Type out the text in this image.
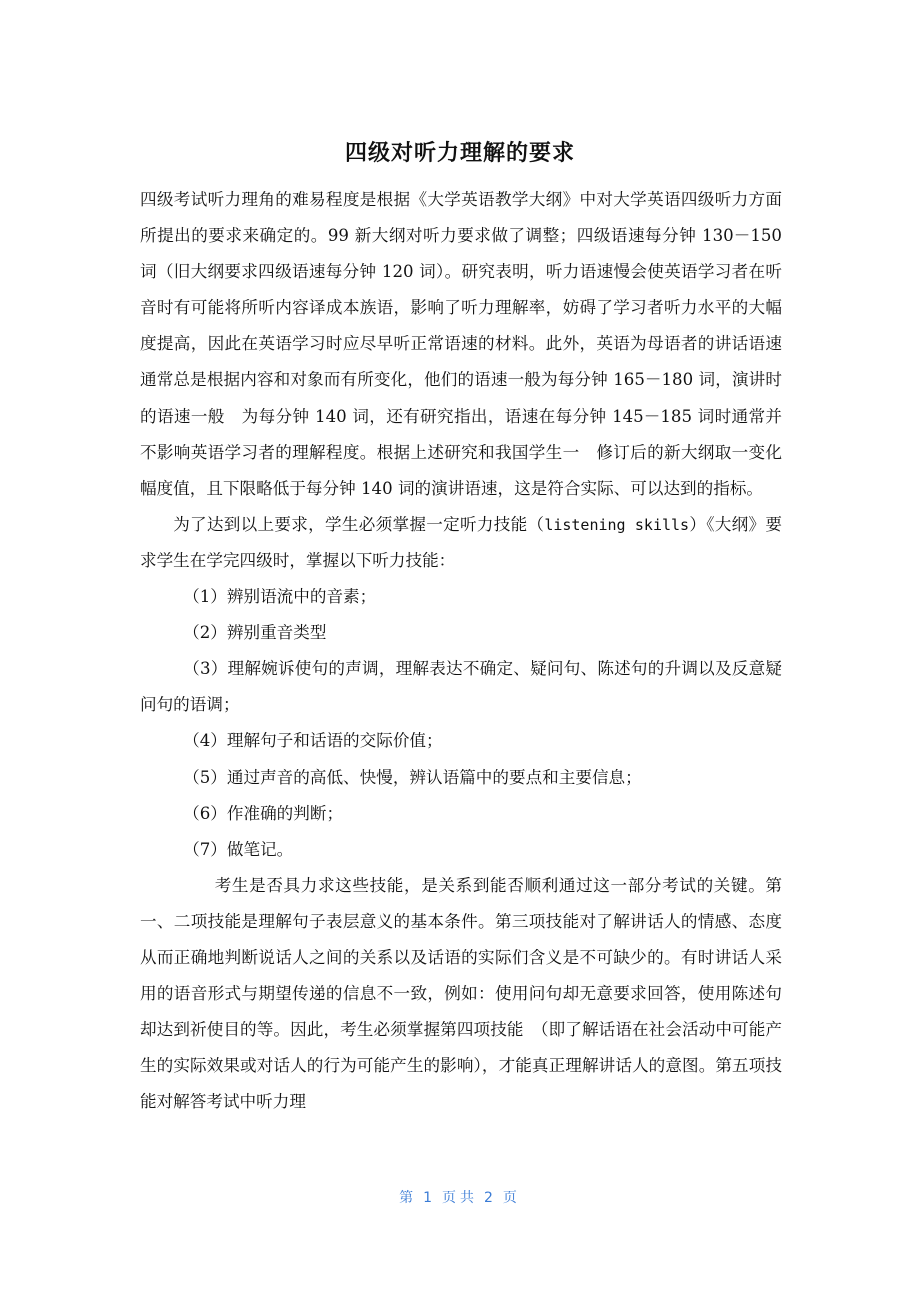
四级对听力理解的要求

四级考试听力理角的难易程度是根据《大学英语教学大纲》中对大学英语四级听力方面所提出的要求来确定的。99 新大纲对听力要求做了调整；四级语速每分钟 130－150 词（旧大纲要求四级语速每分钟 120 词）。研究表明，听力语速慢会使英语学习者在听音时有可能将所听内容译成本族语，影响了听力理解率，妨碍了学习者听力水平的大幅度提高，因此在英语学习时应尽早听正常语速的材料。此外，英语为母语者的讲话语速通常总是根据内容和对象而有所变化，他们的语速一般为每分钟 165－180 词，演讲时的语速一般　为每分钟 140 词，还有研究指出，语速在每分钟 145－185 词时通常并不影响英语学习者的理解程度。根据上述研究和我国学生一　修订后的新大纲取一变化幅度值，且下限略低于每分钟 140 词的演讲语速，这是符合实际、可以达到的指标。

为了达到以上要求，学生必须掌握一定听力技能（listening skills）《大纲》要求学生在学完四级时，掌握以下听力技能：

（1）辨别语流中的音素；

（2）辨别重音类型

（3）理解婉诉使句的声调，理解表达不确定、疑问句、陈述句的升调以及反意疑问句的语调；

（4）理解句子和话语的交际价值；

（5）通过声音的高低、快慢，辨认语篇中的要点和主要信息；

（6）作准确的判断；

（7）做笔记。

考生是否具力求这些技能，是关系到能否顺利通过这一部分考试的关键。第一、二项技能是理解句子表层意义的基本条件。第三项技能对了解讲话人的情感、态度从而正确地判断说话人之间的关系以及话语的实际们含义是不可缺少的。有时讲话人采用的语音形式与期望传递的信息不一致，例如：使用问句却无意要求回答，使用陈述句却达到祈使目的等。因此，考生必须掌握第四项技能　（即了解话语在社会活动中可能产生的实际效果或对话人的行为可能产生的影响），才能真正理解讲话人的意图。第五项技能对解答考试中听力理

第 1 页共 2 页
